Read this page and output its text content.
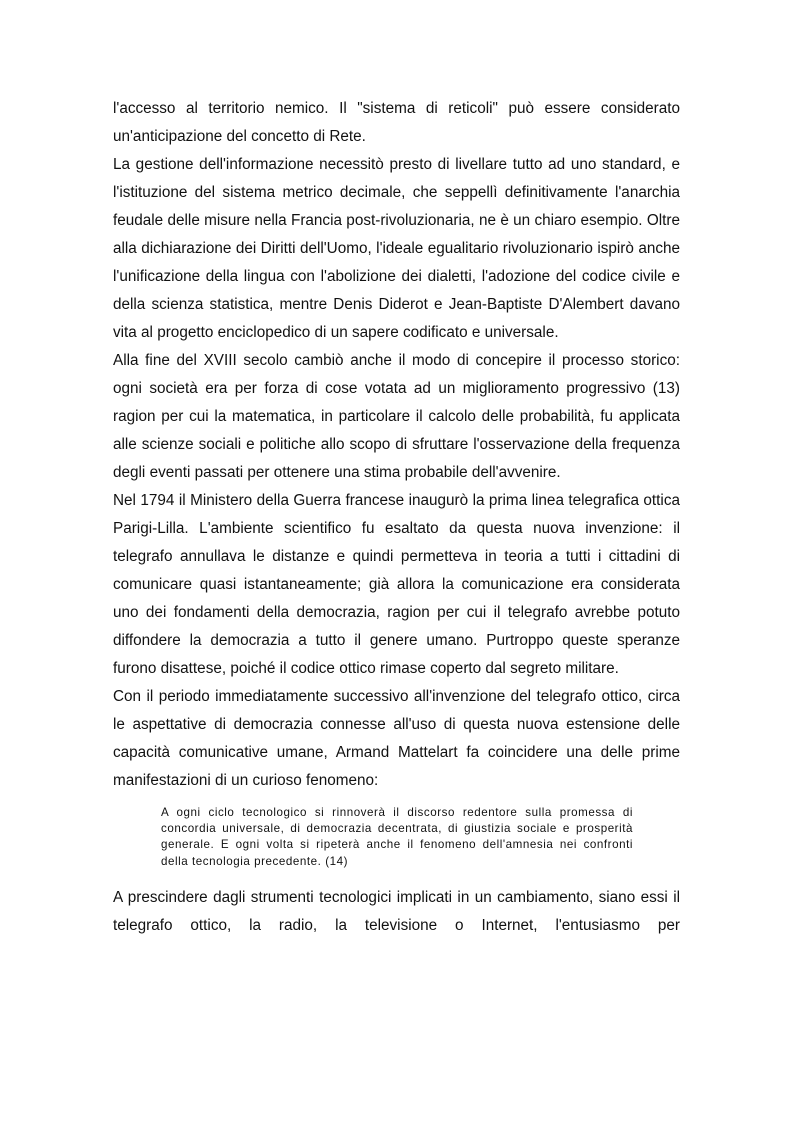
l'accesso al territorio nemico. Il "sistema di reticoli" può essere considerato un'anticipazione del concetto di Rete.

La gestione dell'informazione necessitò presto di livellare tutto ad uno standard, e l'istituzione del sistema metrico decimale, che seppellì definitivamente l'anarchia feudale delle misure nella Francia post-rivoluzionaria, ne è un chiaro esempio. Oltre alla dichiarazione dei Diritti dell'Uomo, l'ideale egualitario rivoluzionario ispirò anche l'unificazione della lingua con l'abolizione dei dialetti, l'adozione del codice civile e della scienza statistica, mentre Denis Diderot e Jean-Baptiste D'Alembert davano vita al progetto enciclopedico di un sapere codificato e universale.

Alla fine del XVIII secolo cambiò anche il modo di concepire il processo storico: ogni società era per forza di cose votata ad un miglioramento progressivo (13) ragion per cui la matematica, in particolare il calcolo delle probabilità, fu applicata alle scienze sociali e politiche allo scopo di sfruttare l'osservazione della frequenza degli eventi passati per ottenere una stima probabile dell'avvenire.

Nel 1794 il Ministero della Guerra francese inaugurò la prima linea telegrafica ottica Parigi-Lilla. L'ambiente scientifico fu esaltato da questa nuova invenzione: il telegrafo annullava le distanze e quindi permetteva in teoria a tutti i cittadini di comunicare quasi istantaneamente; già allora la comunicazione era considerata uno dei fondamenti della democrazia, ragion per cui il telegrafo avrebbe potuto diffondere la democrazia a tutto il genere umano. Purtroppo queste speranze furono disattese, poiché il codice ottico rimase coperto dal segreto militare.

Con il periodo immediatamente successivo all'invenzione del telegrafo ottico, circa le aspettative di democrazia connesse all'uso di questa nuova estensione delle capacità comunicative umane, Armand Mattelart fa coincidere una delle prime manifestazioni di un curioso fenomeno:

A ogni ciclo tecnologico si rinnoverà il discorso redentore sulla promessa di concordia universale, di democrazia decentrata, di giustizia sociale e prosperità generale. E ogni volta si ripeterà anche il fenomeno dell'amnesia nei confronti della tecnologia precedente. (14)

A prescindere dagli strumenti tecnologici implicati in un cambiamento, siano essi il telegrafo ottico, la radio, la televisione o Internet, l'entusiasmo per
